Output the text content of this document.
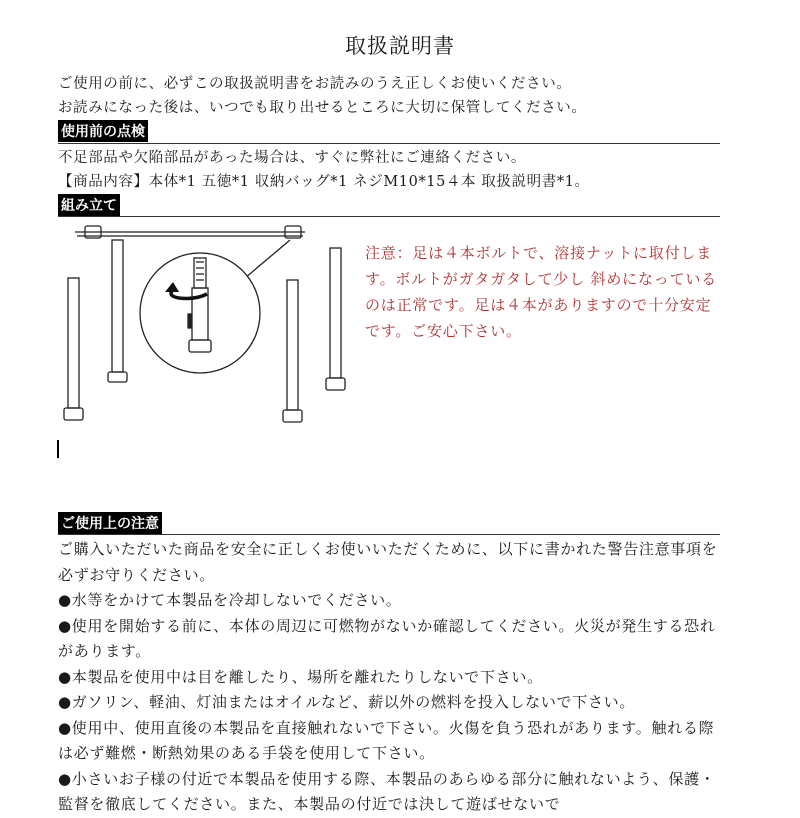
取扱説明書
ご使用の前に、必ずこの取扱説明書をお読みのうえ正しくお使いください。
お読みになった後は、いつでも取り出せるところに大切に保管してください。
使用前の点検
不足部品や欠陥部品があった場合は、すぐに弊社にご連絡ください。
【商品内容】本体*1 五徳*1 収納バッグ*1 ネジM10*15４本 取扱説明書*1。
組み立て
注意：足は４本ボルトで、溶接ナットに取付します。ボルトがガタガタして少し 斜めになっているのは正常です。足は４本がありますので十分安定です。ご安心下さい。
ご使用上の注意

ご購入いただいた商品を安全に正しくお使いいただくために、以下に書かれた警告注意事項を必ずお守りください。

●水等をかけて本製品を冷却しないでください。

●使用を開始する前に、本体の周辺に可燃物がないか確認してください。火災が発生する恐れがあります。

●本製品を使用中は目を離したり、場所を離れたりしないで下さい。

●ガソリン、軽油、灯油またはオイルなど、薪以外の燃料を投入しないで下さい。

●使用中、使用直後の本製品を直接触れないで下さい。火傷を負う恐れがあります。触れる際は必ず難燃・断熱効果のある手袋を使用して下さい。

●小さいお子様の付近で本製品を使用する際、本製品のあらゆる部分に触れないよう、保護・監督を徹底してください。また、本製品の付近では決して遊ばせないで
